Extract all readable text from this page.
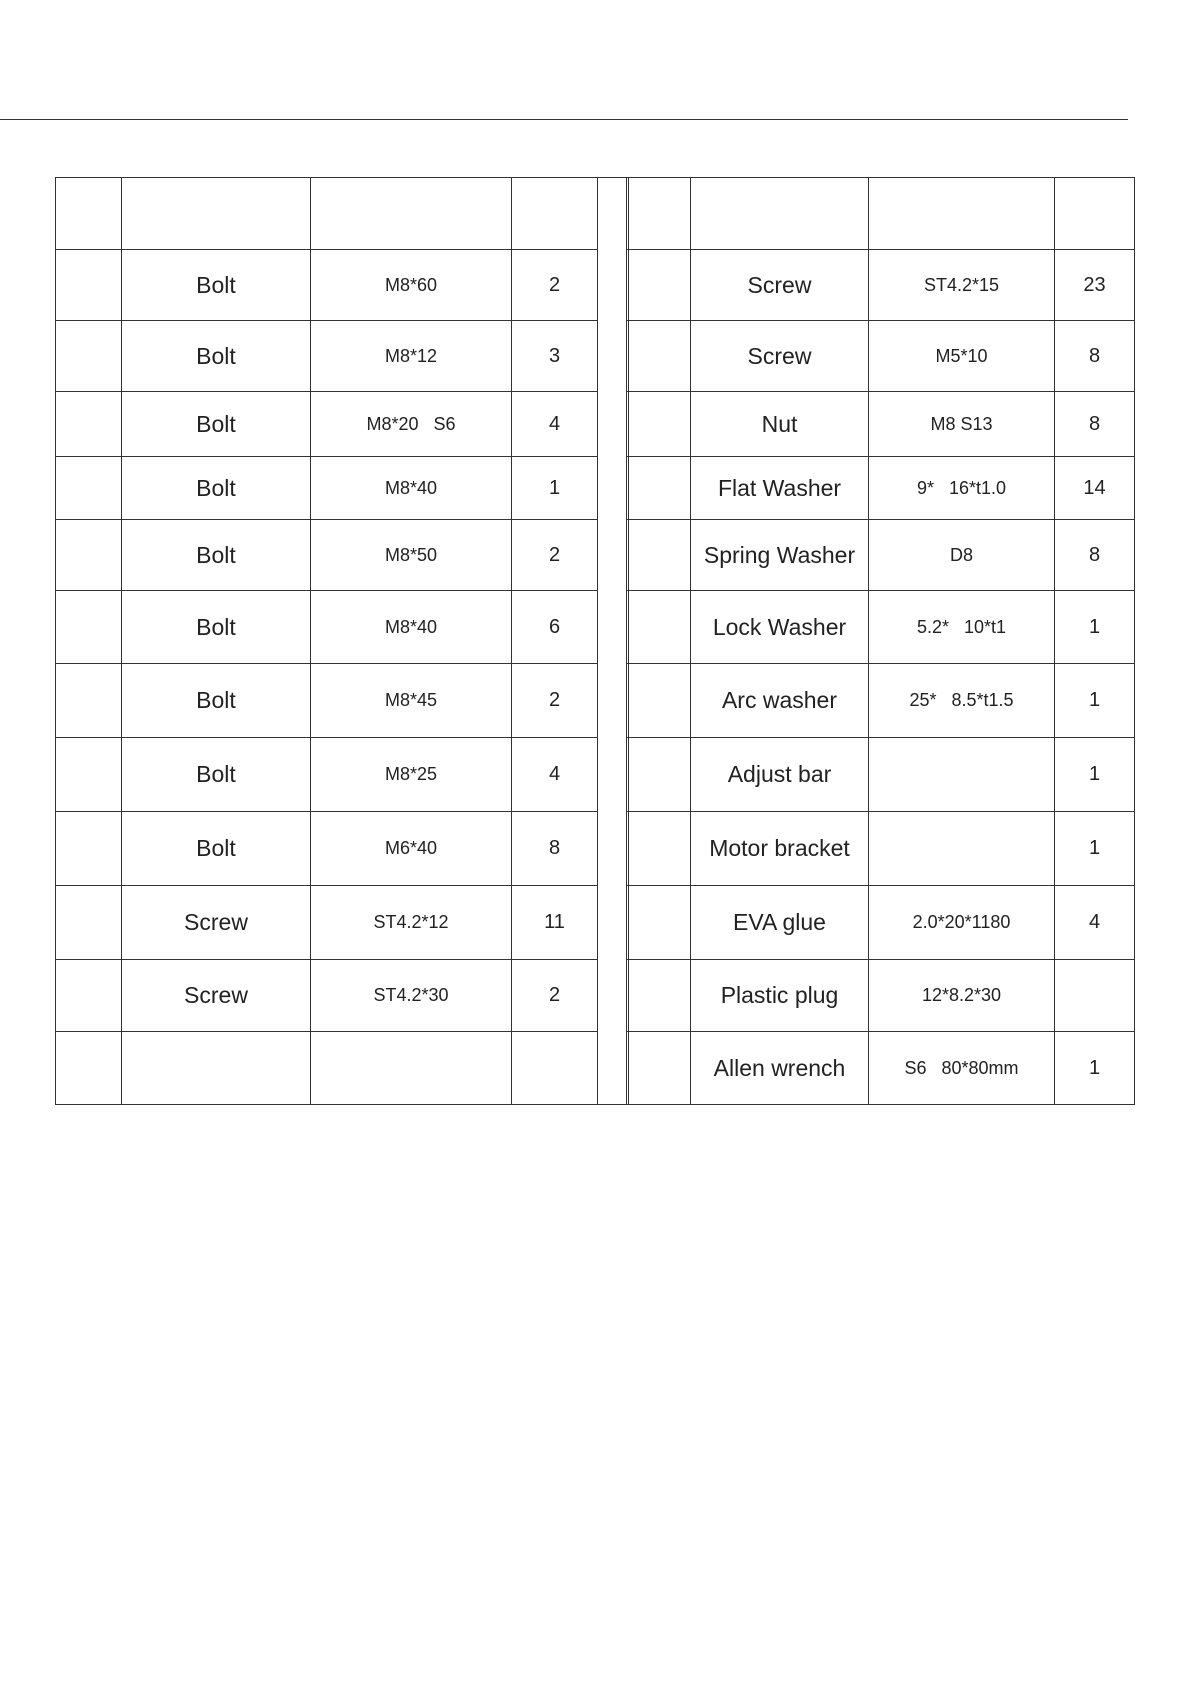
	Bolt	M8*60	2	
	Bolt	M8*12	3	
	Bolt	M8*20   S6	4	
	Bolt	M8*40	1	
	Bolt	M8*50	2	
	Bolt	M8*40	6	
	Bolt	M8*45	2	
	Bolt	M8*25	4	
	Bolt	M6*40	8	
	Screw	ST4.2*12	11	
	Screw	ST4.2*30	2	

	Screw	ST4.2*15	23
	Screw	M5*10	8
	Nut	M8 S13	8
	Flat Washer	9*   16*t1.0	14
	Spring Washer	D8	8
	Lock Washer	5.2*   10*t1	1
	Arc washer	25*   8.5*t1.5	1
	Adjust bar		1
	Motor bracket		1
	EVA glue	2.0*20*1180	4
	Plastic plug	12*8.2*30	
	Allen wrench	S6   80*80mm	1
